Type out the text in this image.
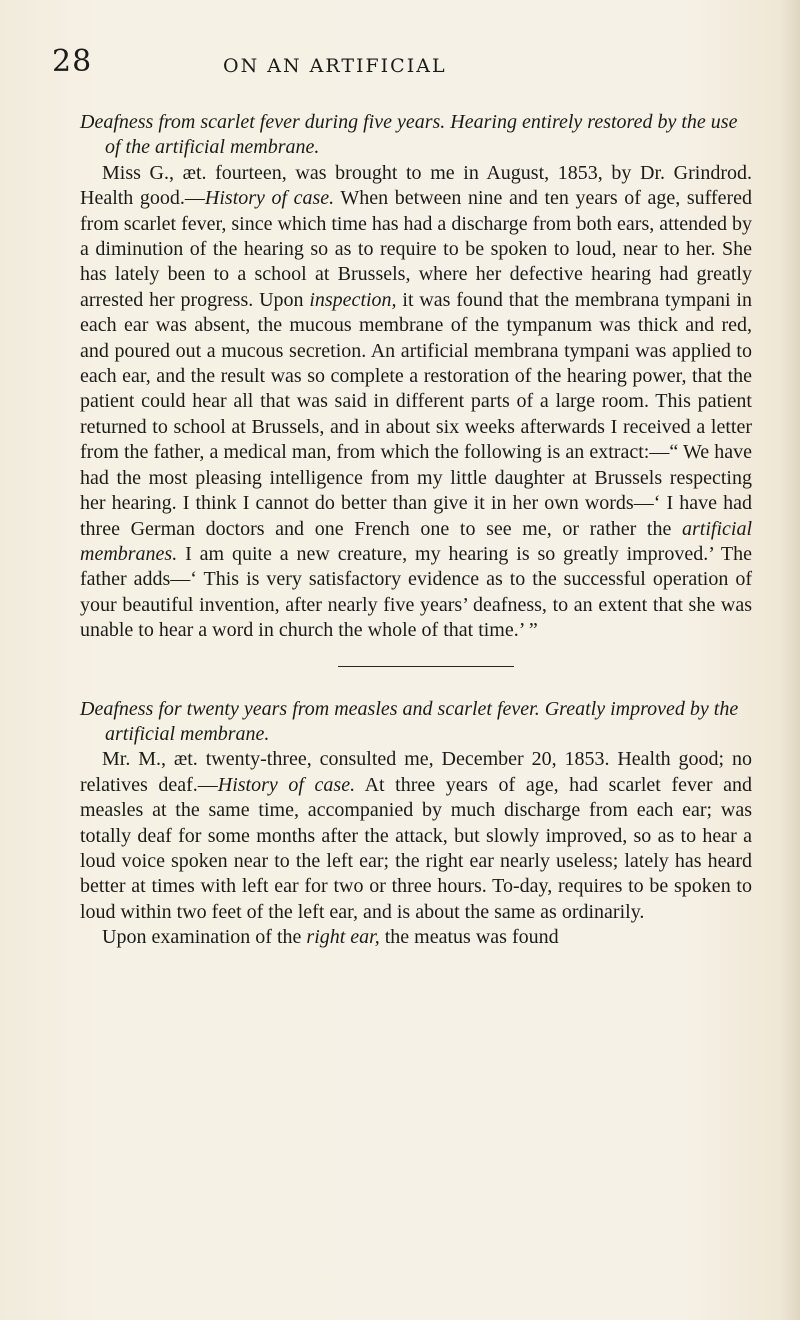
28	ON AN ARTIFICIAL

Deafness from scarlet fever during five years. Hearing entirely restored by the use of the artificial membrane.

Miss G., æt. fourteen, was brought to me in August, 1853, by Dr. Grindrod. Health good.—History of case. When between nine and ten years of age, suffered from scarlet fever, since which time has had a discharge from both ears, attended by a diminution of the hearing so as to require to be spoken to loud, near to her. She has lately been to a school at Brussels, where her defective hearing had greatly arrested her progress. Upon inspection, it was found that the membrana tympani in each ear was absent, the mucous membrane of the tympanum was thick and red, and poured out a mucous secretion. An artificial membrana tympani was applied to each ear, and the result was so complete a restoration of the hearing power, that the patient could hear all that was said in different parts of a large room. This patient returned to school at Brussels, and in about six weeks afterwards I received a letter from the father, a medical man, from which the following is an extract:—“ We have had the most pleasing intelligence from my little daughter at Brussels respecting her hearing. I think I cannot do better than give it in her own words—‘ I have had three German doctors and one French one to see me, or rather the artificial membranes. I am quite a new creature, my hearing is so greatly improved.’ The father adds—‘ This is very satisfactory evidence as to the successful operation of your beautiful invention, after nearly five years’ deafness, to an extent that she was unable to hear a word in church the whole of that time.’ ”

Deafness for twenty years from measles and scarlet fever. Greatly improved by the artificial membrane.

Mr. M., æt. twenty-three, consulted me, December 20, 1853. Health good; no relatives deaf.—History of case. At three years of age, had scarlet fever and measles at the same time, accompanied by much discharge from each ear; was totally deaf for some months after the attack, but slowly improved, so as to hear a loud voice spoken near to the left ear; the right ear nearly useless; lately has heard better at times with left ear for two or three hours. To-day, requires to be spoken to loud within two feet of the left ear, and is about the same as ordinarily.

Upon examination of the right ear, the meatus was found
